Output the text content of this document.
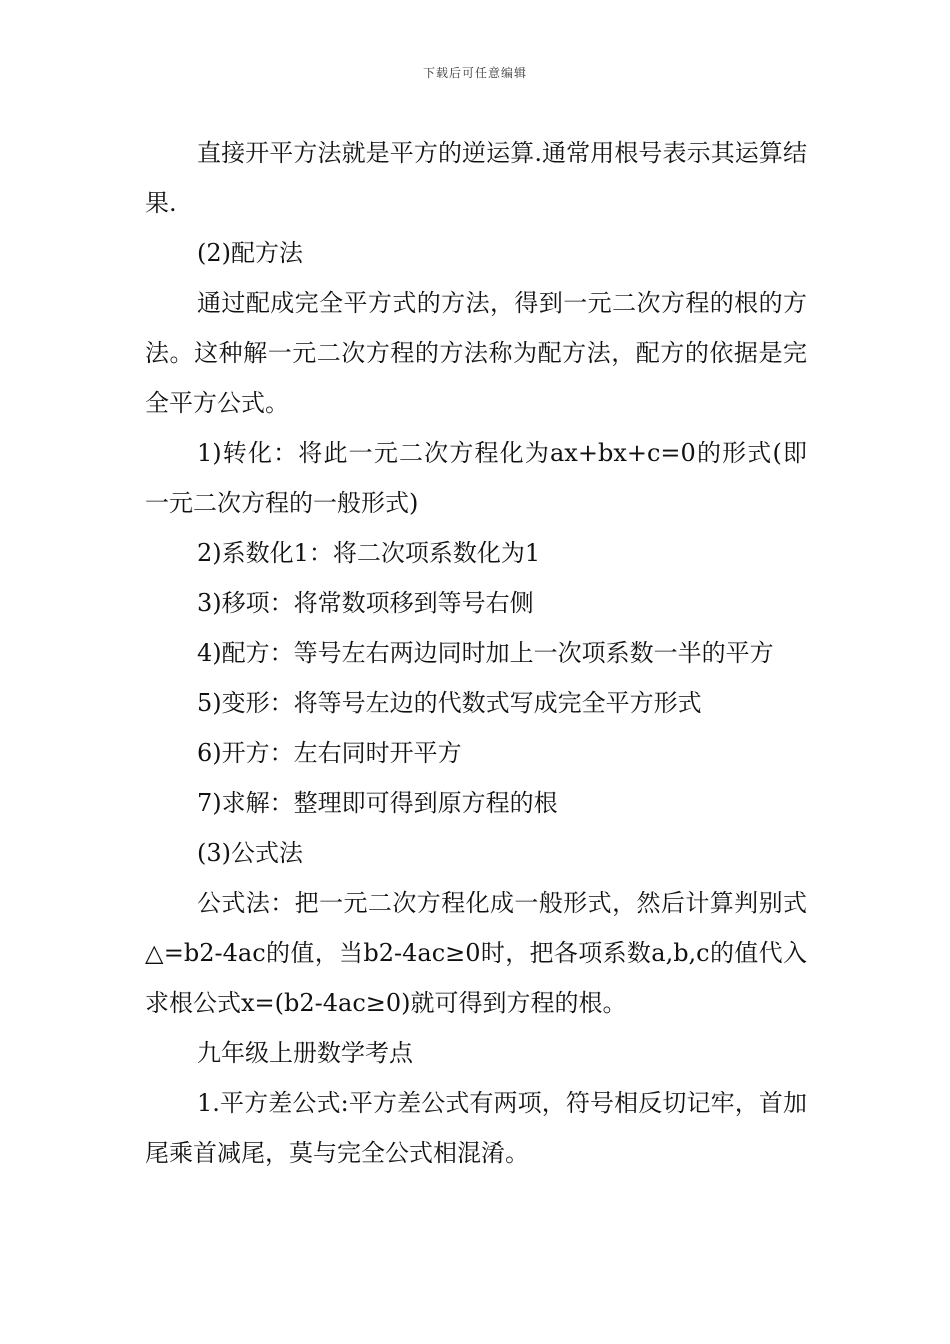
下载后可任意编辑

直接开平方法就是平方的逆运算.通常用根号表示其运算结果.

(2)配方法

通过配成完全平方式的方法，得到一元二次方程的根的方法。这种解一元二次方程的方法称为配方法，配方的依据是完全平方公式。

1)转化：将此一元二次方程化为ax+bx+c=0的形式(即一元二次方程的一般形式)

2)系数化1：将二次项系数化为1

3)移项：将常数项移到等号右侧

4)配方：等号左右两边同时加上一次项系数一半的平方

5)变形：将等号左边的代数式写成完全平方形式

6)开方：左右同时开平方

7)求解：整理即可得到原方程的根

(3)公式法

公式法：把一元二次方程化成一般形式，然后计算判别式△=b2-4ac的值，当b2-4ac≥0时，把各项系数a,b,c的值代入求根公式x=(b2-4ac≥0)就可得到方程的根。

九年级上册数学考点

1.平方差公式:平方差公式有两项，符号相反切记牢，首加尾乘首减尾，莫与完全公式相混淆。
